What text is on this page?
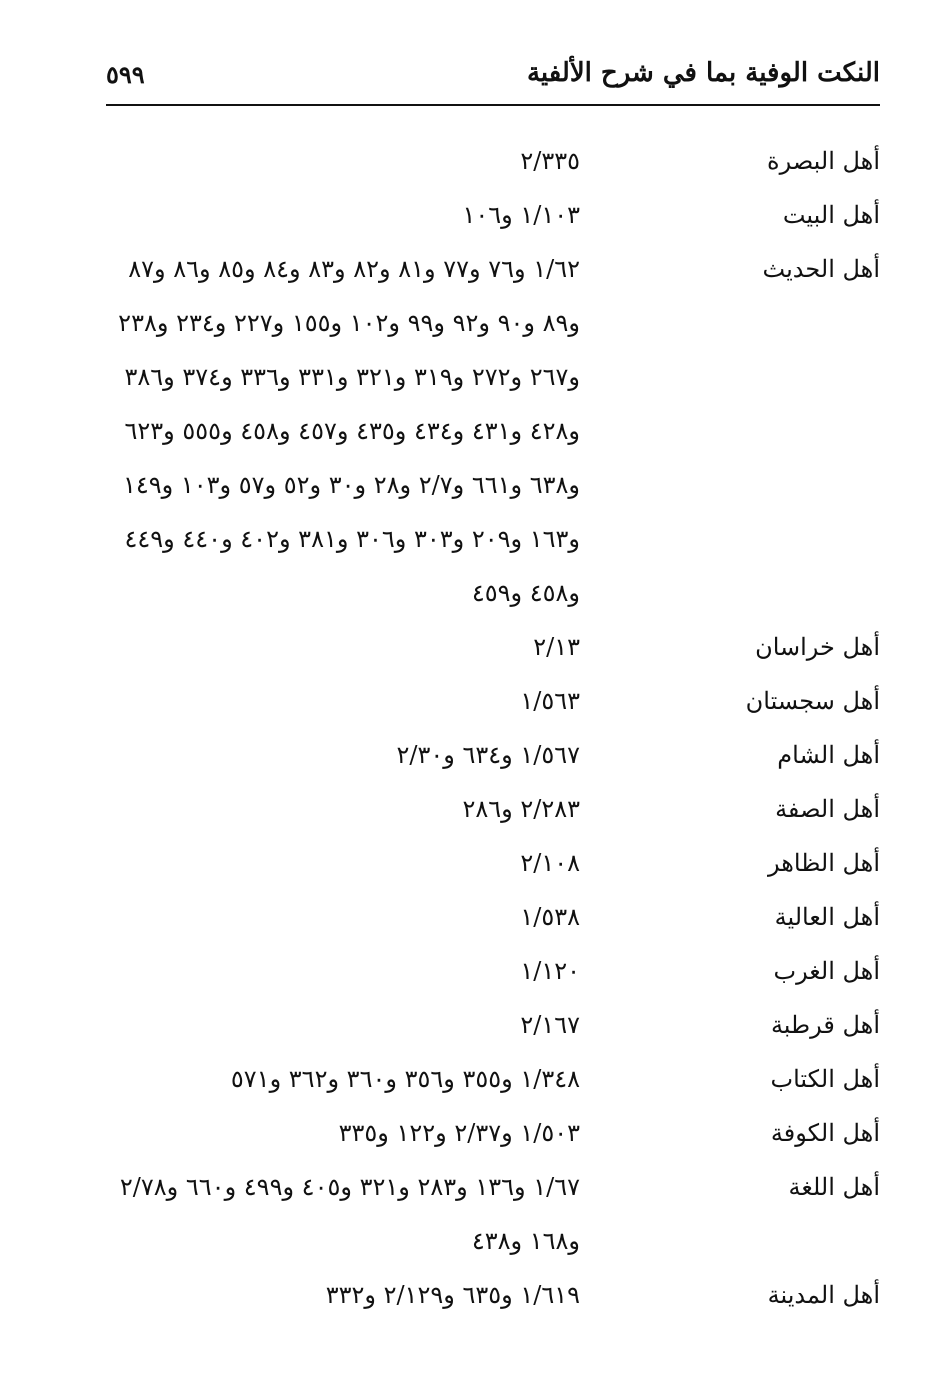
النكت الوفية بما في شرح الألفية
٥٩٩
أهل البصرة
٢/٣٣٥
أهل البيت
١/١٠٣ و١٠٦
أهل الحديث
١/٦٢ و٧٦ و٧٧ و٨١ و٨٢ و٨٣ و٨٤ و٨٥ و٨٦ و٨٧
و٨٩ و٩٠ و٩٢ و٩٩ و١٠٢ و١٥٥ و٢٢٧ و٢٣٤ و٢٣٨
و٢٦٧ و٢٧٢ و٣١٩ و٣٢١ و٣٣١ و٣٣٦ و٣٧٤ و٣٨٦
و٤٢٨ و٤٣١ و٤٣٤ و٤٣٥ و٤٥٧ و٤٥٨ و٥٥٥ و٦٢٣
و٦٣٨ و٦٦١ و٢/٧ و٢٨ و٣٠ و٥٢ و٥٧ و١٠٣ و١٤٩
و١٦٣ و٢٠٩ و٣٠٣ و٣٠٦ و٣٨١ و٤٠٢ و٤٤٠ و٤٤٩
و٤٥٨ و٤٥٩
أهل خراسان
٢/١٣
أهل سجستان
١/٥٦٣
أهل الشام
١/٥٦٧ و٦٣٤ و٢/٣٠
أهل الصفة
٢/٢٨٣ و٢٨٦
أهل الظاهر
٢/١٠٨
أهل العالية
١/٥٣٨
أهل الغرب
١/١٢٠
أهل قرطبة
٢/١٦٧
أهل الكتاب
١/٣٤٨ و٣٥٥ و٣٥٦ و٣٦٠ و٣٦٢ و٥٧١
أهل الكوفة
١/٥٠٣ و٢/٣٧ و١٢٢ و٣٣٥
أهل اللغة
١/٦٧ و١٣٦ و٢٨٣ و٣٢١ و٤٠٥ و٤٩٩ و٦٦٠ و٢/٧٨
و١٦٨ و٤٣٨
أهل المدينة
١/٦١٩ و٦٣٥ و٢/١٢٩ و٣٣٢
